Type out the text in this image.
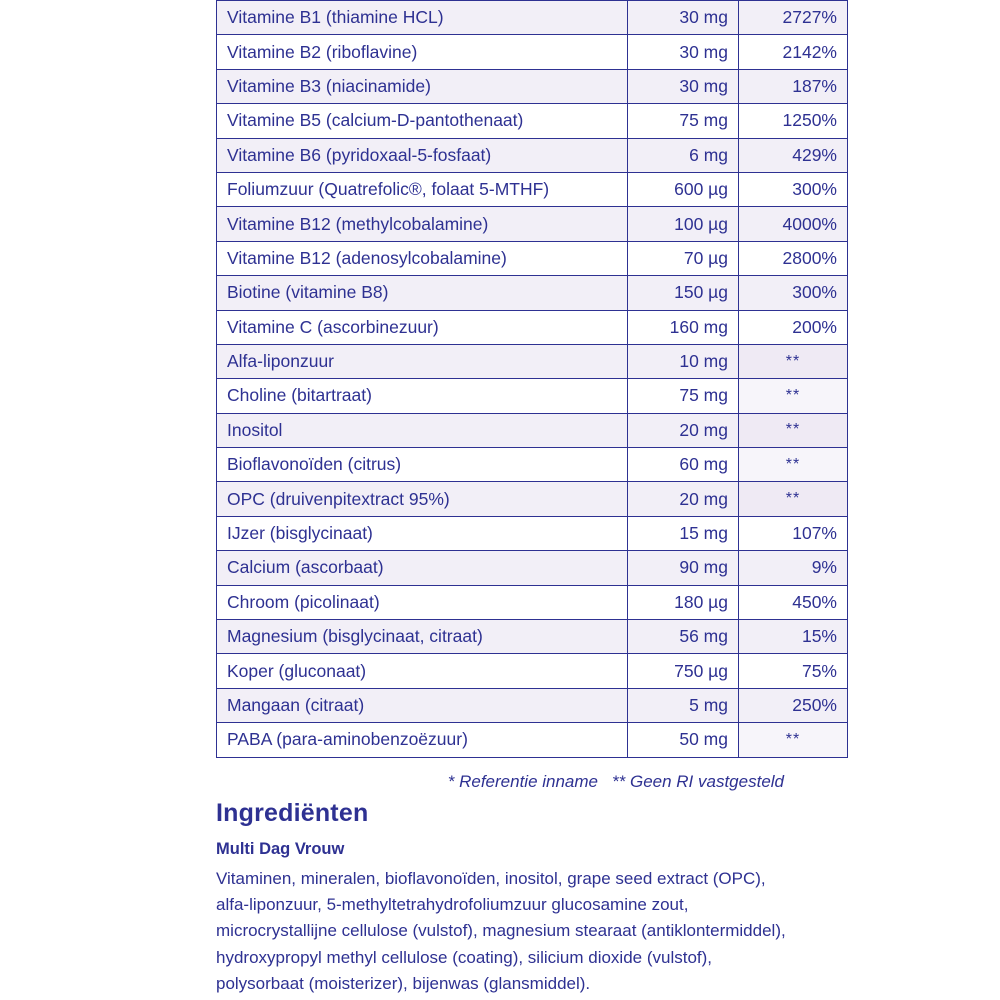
Vitamine B1 (thiamine HCL)	30 mg	2727%
Vitamine B2 (riboflavine)	30 mg	2142%
Vitamine B3 (niacinamide)	30 mg	187%
Vitamine B5 (calcium-D-pantothenaat)	75 mg	1250%
Vitamine B6 (pyridoxaal-5-fosfaat)	6 mg	429%
Foliumzuur (Quatrefolic®, folaat 5-MTHF)	600 µg	300%
Vitamine B12 (methylcobalamine)	100 µg	4000%
Vitamine B12 (adenosylcobalamine)	70 µg	2800%
Biotine (vitamine B8)	150 µg	300%
Vitamine C (ascorbinezuur)	160 mg	200%
Alfa-liponzuur	10 mg	**
Choline (bitartraat)	75 mg	**
Inositol	20 mg	**
Bioflavonoïden (citrus)	60 mg	**
OPC (druivenpitextract 95%)	20 mg	**
IJzer (bisglycinaat)	15 mg	107%
Calcium (ascorbaat)	90 mg	9%
Chroom (picolinaat)	180 µg	450%
Magnesium (bisglycinaat, citraat)	56 mg	15%
Koper (gluconaat)	750 µg	75%
Mangaan (citraat)	5 mg	250%
PABA (para-aminobenzoëzuur)	50 mg	**
* Referentie inname ** Geen RI vastgesteld
Ingrediënten
Multi Dag Vrouw
Vitaminen, mineralen, bioflavonoïden, inositol, grape seed extract (OPC), alfa-liponzuur, 5-methyltetrahydrofoliumzuur glucosamine zout, microcrystallijne cellulose (vulstof), magnesium stearaat (antiklontermiddel), hydroxypropyl methyl cellulose (coating), silicium dioxide (vulstof), polysorbaat (moisterizer), bijenwas (glansmiddel).
